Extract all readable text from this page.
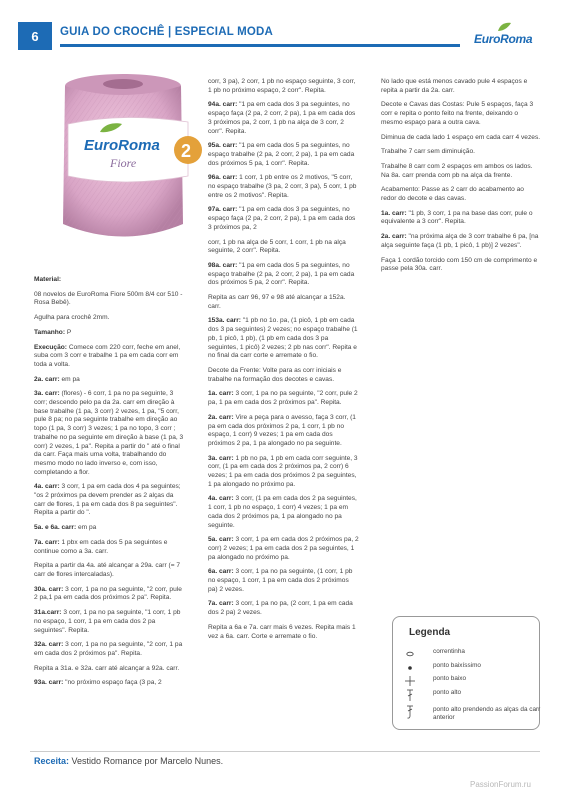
6	GUIA DO CROCHÊ | ESPECIAL MODA	EuroRoma
EuroRoma
Fiore
2

Material:

08 novelos de EuroRoma Fiore 500m 8/4 cor 510 - Rosa Bebê).

Agulha para crochê 2mm.

Tamanho: P

Execução: Comece com 220 corr, feche em anel, suba com 3 corr e trabalhe 1 pa em cada corr em toda a volta.

2a. carr: em pa

3a. carr: (flores) - 6 corr, 1 pa no pa seguinte, 3 corr; descendo pelo pa da 2a. carr em direção à base trabalhe (1 pa, 3 corr) 2 vezes, 1 pa, "5 corr, pule 8 pa; no pa seguinte trabalhe em direção ao topo (1 pa, 3 corr) 3 vezes; 1 pa no topo, 3 corr ; trabalhe no pa seguinte em direção à base (1 pa, 3 corr) 2 vezes, 1 pa". Repita a partir do " até o final da carr. Faça mais uma volta, trabalhando do mesmo modo no lado inverso e, com isso, completando a flor.

4a. carr: 3 corr, 1 pa em cada dos 4 pa seguintes; "os 2 próximos pa devem prender as 2 alças da carr de flores, 1 pa em cada dos 8 pa seguintes". Repita a partir do ".

5a. e 6a. carr: em pa

7a. carr: 1 pbx em cada dos 5 pa seguintes e continue como a 3a. carr.

Repita a partir da 4a. até alcançar a 29a. carr (= 7 carr de flores intercaladas).

30a. carr: 3 corr, 1 pa no pa seguinte, "2 corr, pule 2 pa,1 pa em cada dos próximos 2 pa". Repita.

31a.carr: 3 corr, 1 pa no pa seguinte, "1 corr, 1 pb no espaço, 1 corr, 1 pa em cada dos 2 pa seguintes". Repita.

32a. carr: 3 corr, 1 pa no pa seguinte, "2 corr, 1 pa em cada dos 2 próximos pa". Repita.

Repita a 31a. e 32a. carr até alcançar a 92a. carr.

93a. carr: "no próximo espaço faça (3 pa, 2

corr, 3 pa), 2 corr, 1 pb no espaço seguinte, 3 corr, 1 pb no próximo espaço, 2 corr". Repita.

94a. carr: "1 pa em cada dos 3 pa seguintes, no espaço faça (2 pa, 2 corr, 2 pa), 1 pa em cada dos 3 próximos pa, 2 corr, 1 pb na alça de 3 corr, 2 corr". Repita.

95a. carr: "1 pa em cada dos 5 pa seguintes, no espaço trabalhe (2 pa, 2 corr, 2 pa), 1 pa em cada dos próximos 5 pa, 1 corr". Repita.

96a. carr: 1 corr, 1 pb entre os 2 motivos, "5 corr, no espaço trabalhe (3 pa, 2 corr, 3 pa), 5 corr, 1 pb entre os 2 motivos". Repita.

97a. carr: "1 pa em cada dos 3 pa seguintes, no espaço faça (2 pa, 2 corr, 2 pa), 1 pa em cada dos 3 próximos pa, 2

corr, 1 pb na alça de 5 corr, 1 corr, 1 pb na alça seguinte, 2 corr". Repita.

98a. carr: "1 pa em cada dos 5 pa seguintes, no espaço trabalhe (2 pa, 2 corr, 2 pa), 1 pa em cada dos próximos 5 pa, 2 corr". Repita.

Repita as carr 96, 97 e 98 até alcançar a 152a. carr.

153a. carr: "1 pb no 1o. pa, (1 picô, 1 pb em cada dos 3 pa seguintes) 2 vezes; no espaço trabalhe (1 pb, 1 picô, 1 pb), (1 pb em cada dos 3 pa seguintes, 1 picô) 2 vezes; 2 pb nas corr". Repita e no final da carr corte e arremate o fio.

Decote da Frente: Volte para as corr iniciais e trabalhe na formação dos decotes e cavas.

1a. carr: 3 corr, 1 pa no pa seguinte, "2 corr, pule 2 pa, 1 pa em cada dos 2 próximos pa". Repita.

2a. carr: Vire a peça para o avesso, faça 3 corr, (1 pa em cada dos próximos 2 pa, 1 corr, 1 pb no espaço, 1 corr) 9 vezes; 1 pa em cada dos próximos 2 pa, 1 pa alongado no pa seguinte.

3a. carr: 1 pb no pa, 1 pb em cada corr seguinte, 3 corr, (1 pa em cada dos 2 próximos pa, 2 corr) 6 vezes; 1 pa em cada dos próximos 2 pa seguintes, 1 pa alongado no próximo pa.

4a. carr: 3 corr, (1 pa em cada dos 2 pa seguintes, 1 corr, 1 pb no espaço, 1 corr) 4 vezes; 1 pa em cada dos 2 próximos pa, 1 pa alongado no pa seguinte.

5a. carr: 3 corr, 1 pa em cada dos 2 próximos pa, 2 corr) 2 vezes; 1 pa em cada dos 2 pa seguintes, 1 pa alongado no próximo pa.

6a. carr: 3 corr, 1 pa no pa seguinte, (1 corr, 1 pb no espaço, 1 corr, 1 pa em cada dos 2 próximos pa) 2 vezes.

7a. carr: 3 corr, 1 pa no pa, (2 corr, 1 pa em cada dos 2 pa) 2 vezes.

Repita a 6a e 7a. carr mais 6 vezes. Repita mais 1 vez a 6a. carr. Corte e arremate o fio.

No lado que está menos cavado pule 4 espaços e repita a partir da 2a. carr.

Decote e Cavas das Costas: Pule 5 espaços, faça 3 corr e repita o ponto feito na frente, deixando o mesmo espaço para a outra cava.

Diminua de cada lado 1 espaço em cada carr 4 vezes.

Trabalhe 7 carr sem diminuição.

Trabalhe 8 carr com 2 espaços em ambos os lados. Na 8a. carr prenda com pb na alça da frente.

Acabamento: Passe as 2 carr do acabamento ao redor do decote e das cavas.

1a. carr: "1 pb, 3 corr, 1 pa na base das corr, pule o equivalente a 3 corr". Repita.

2a. carr: "na próxima alça de 3 corr trabalhe 6 pa, [na alça seguinte faça (1 pb, 1 picô, 1 pb)] 2 vezes".

Faça 1 cordão torcido com 150 cm de comprimento e passe pela 30a. carr.

Legenda
correntinha
ponto baixíssimo
ponto baixo
ponto alto
ponto alto prendendo as alças da carr anterior
Receita: Vestido Romance por Marcelo Nunes.
PassionForum.ru
